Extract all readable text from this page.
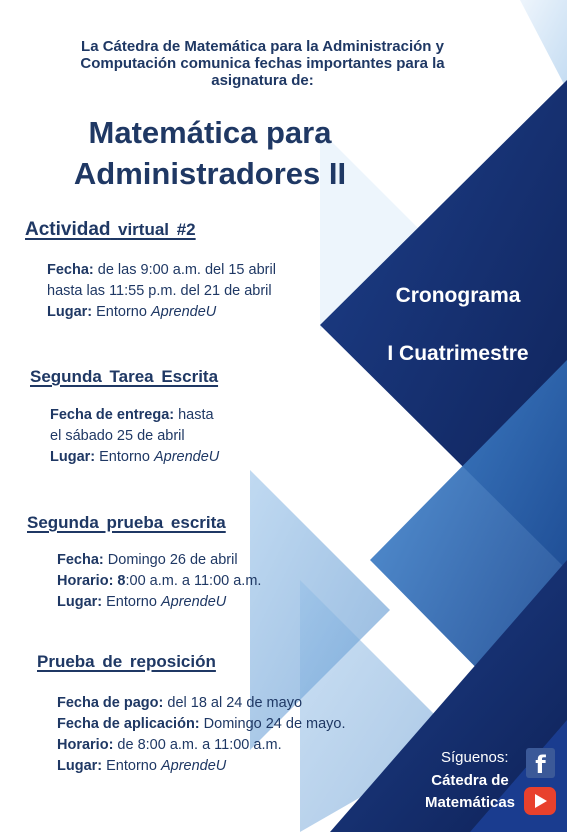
La Cátedra de Matemática para la Administración y
Computación comunica fechas importantes para la
asignatura de:
Matemática para
Administradores II
Cronograma
I Cuatrimestre
Actividad virtual #2
Fecha: de las 9:00 a.m. del 15 abril
hasta las 11:55 p.m. del 21 de abril
Lugar: Entorno AprendeU
Segunda Tarea Escrita
Fecha de entrega: hasta
el sábado 25 de abril
Lugar: Entorno AprendeU
Segunda prueba escrita
Fecha: Domingo 26 de abril
Horario: 8:00 a.m. a 11:00 a.m.
Lugar: Entorno AprendeU
Prueba de reposición
Fecha de pago: del 18 al 24 de mayo
Fecha de aplicación: Domingo 24 de mayo.
Horario: de 8:00 a.m. a 11:00 a.m.
Lugar: Entorno AprendeU	Síguenos:	f
Cátedra de
Matemáticas
